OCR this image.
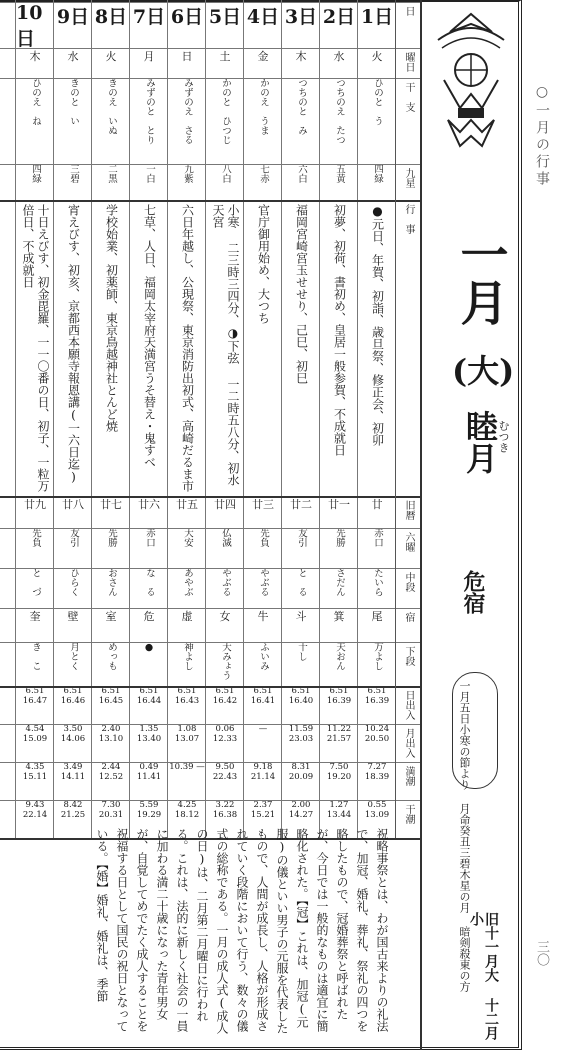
○一月の行事
三〇
1日
火
ひのと　う
四緑
●元日、年賀、初詣、歳旦祭、修正会、初卯
廿
赤口
たいら
尾
万よし
6.51 16.39
10.24 20.50
7.27 18.39
0.55 13.09
2日
水
つちのえ　たつ
五黄
初夢、初荷、書初め、皇居一般参賀、不成就日
廿一
先勝
さだん
箕
天おん
6.51 16.39
11.22 21.57
7.50 19.20
1.27 13.44
3日
木
つちのと　み
六白
福岡宮崎宮玉せせり、己巳、初巳
廿二
友引
と　る
斗
十し
6.51 16.40
11.59 23.03
8.31 20.09
2.00 14.27
4日
金
かのえ　うま
七赤
官庁御用始め、大つち
廿三
先負
やぶる
牛
ふいみ
6.51 16.41
—
9.18 21.14
2.37 15.21
5日
土
かのと　ひつじ
八白
小寒 二三時三四分、◑下弦 一二時五八分、初水天宮
廿四
仏滅
やぶる
女
大みょう
6.51 16.42
0.06 12.33
9.50 22.43
3.22 16.38
6日
日
みずのえ　さる
九紫
六日年越し、公現祭、東京消防出初式、高崎だるま市
廿五
大安
あやぶ
虚
神よし
6.51 16.43
1.08 13.07
10.39 —
4.25 18.12
7日
月
みずのと　とり
一白
七草、人日、福岡太宰府天満宮うそ替え・鬼すべ
廿六
赤口
な　る
危
●
6.51 16.44
1.35 13.40
0.49 11.41
5.59 19.29
8日
火
きのえ　いぬ
二黒
学校始業、初薬師、東京鳥越神社とんど焼
廿七
先勝
おさん
室
めっも
6.51 16.45
2.40 13.10
2.44 12.52
7.30 20.31
9日
水
きのと　い
三碧
宵えびす、初亥、京都西本願寺報恩講(一六日迄)
廿八
友引
ひらく
壁
月とく
6.51 16.46
3.50 14.06
3.49 14.11
8.42 21.25
10日
木
ひのえ　ね
四緑
十日えびす、初金毘羅、一一〇番の日、初子、一粒万倍日、不成就日
廿九
先負
と　づ
奎
き　こ
6.51 16.47
4.54 15.09
4.35 15.11
9.43 22.14
日
曜日
干　支
九星
行　事
旧暦
六曜
中段
宿
下段
日出入
月出入
満潮
干潮
一月
(大)
睦月
むつき
危宿
一月五日小寒の節より 月命癸丑三碧木星の月 暗剣殺東の方 旧十一月大 十二月小
祝略事祭とは、わが国古来よりの礼法で、加冠、婚礼、葬礼、祭礼の四つを略したもので、冠婚葬祭と呼ばれたが、今日では一般的なものは適宜に簡略化された。【冠】これは、加冠(元服)の儀といい男子の元服を代表したもので、人間が成長し、人格が形成されていく段階において行う、数々の儀式の総称である。一月の成人式(成人の日)は、二月第二月曜日に行われる。これは、法的に新しく社会の一員に加わる満二十歳になった青年男女が、自覚してめでたく成人することを祝福する日として国民の祝日となっている。【婚】婚礼、婚礼は、季節
